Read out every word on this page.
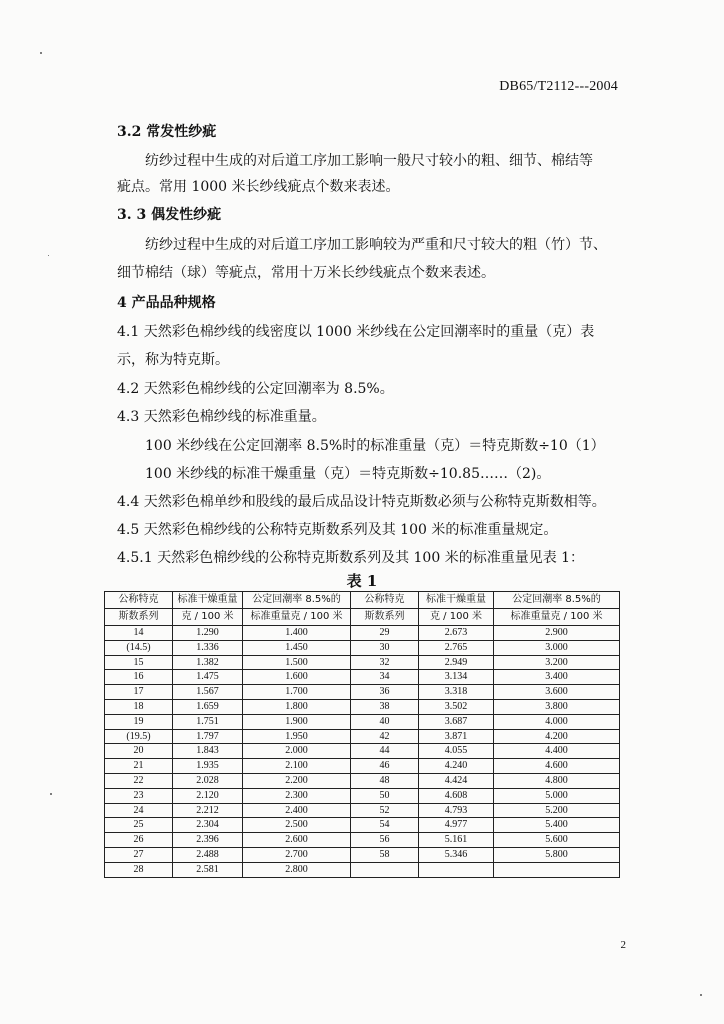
DB65/T2112---2004
3.2 常发性纱疵
纺纱过程中生成的对后道工序加工影响一般尺寸较小的粗、细节、棉结等
疵点。常用 1000 米长纱线疵点个数来表述。
3. 3 偶发性纱疵
纺纱过程中生成的对后道工序加工影响较为严重和尺寸较大的粗（竹）节、
细节棉结（球）等疵点，常用十万米长纱线疵点个数来表述。
4 产品品种规格
4.1 天然彩色棉纱线的线密度以 1000 米纱线在公定回潮率时的重量（克）表
示，称为特克斯。
4.2 天然彩色棉纱线的公定回潮率为 8.5%。
4.3 天然彩色棉纱线的标准重量。
100 米纱线在公定回潮率 8.5%时的标准重量（克）＝特克斯数÷10（1）
100 米纱线的标准干燥重量（克）＝特克斯数÷10.85……（2)。
4.4 天然彩色棉单纱和股线的最后成品设计特克斯数必须与公称特克斯数相等。
4.5 天然彩色棉纱线的公称特克斯数系列及其 100 米的标准重量规定。
4.5.1 天然彩色棉纱线的公称特克斯数系列及其 100 米的标准重量见表 1：
表 1
公称特克	标准干燥重量	公定回潮率 8.5%的	公称特克	标准干燥重量	公定回潮率 8.5%的
斯数系列	克 / 100 米	标准重量克 / 100 米	斯数系列	克 / 100 米	标准重量克 / 100 米
14	1.290	1.400	29	2.673	2.900
(14.5)	1.336	1.450	30	2.765	3.000
15	1.382	1.500	32	2.949	3.200
16	1.475	1.600	34	3.134	3.400
17	1.567	1.700	36	3.318	3.600
18	1.659	1.800	38	3.502	3.800
19	1.751	1.900	40	3.687	4.000
(19.5)	1.797	1.950	42	3.871	4.200
20	1.843	2.000	44	4.055	4.400
21	1.935	2.100	46	4.240	4.600
22	2.028	2.200	48	4.424	4.800
23	2.120	2.300	50	4.608	5.000
24	2.212	2.400	52	4.793	5.200
25	2.304	2.500	54	4.977	5.400
26	2.396	2.600	56	5.161	5.600
27	2.488	2.700	58	5.346	5.800
28	2.581	2.800			
2
